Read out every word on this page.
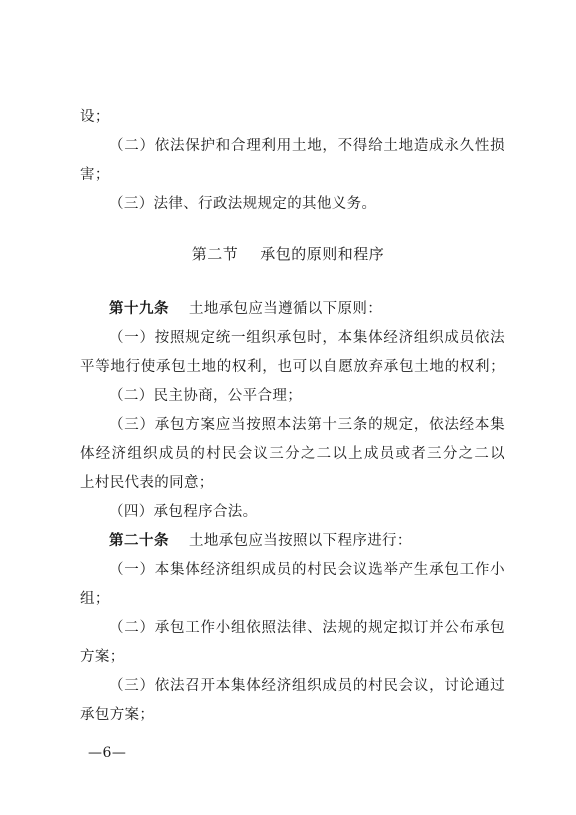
设；
（二）依法保护和合理利用土地，不得给土地造成永久性损
害；
（三）法律、行政法规规定的其他义务。
第二节 承包的原则和程序
第十九条 土地承包应当遵循以下原则：
（一）按照规定统一组织承包时，本集体经济组织成员依法
平等地行使承包土地的权利，也可以自愿放弃承包土地的权利；
（二）民主协商，公平合理；
（三）承包方案应当按照本法第十三条的规定，依法经本集
体经济组织成员的村民会议三分之二以上成员或者三分之二以
上村民代表的同意；
（四）承包程序合法。
第二十条 土地承包应当按照以下程序进行：
（一）本集体经济组织成员的村民会议选举产生承包工作小
组；
（二）承包工作小组依照法律、法规的规定拟订并公布承包
方案；
（三）依法召开本集体经济组织成员的村民会议，讨论通过
承包方案；
—6—
